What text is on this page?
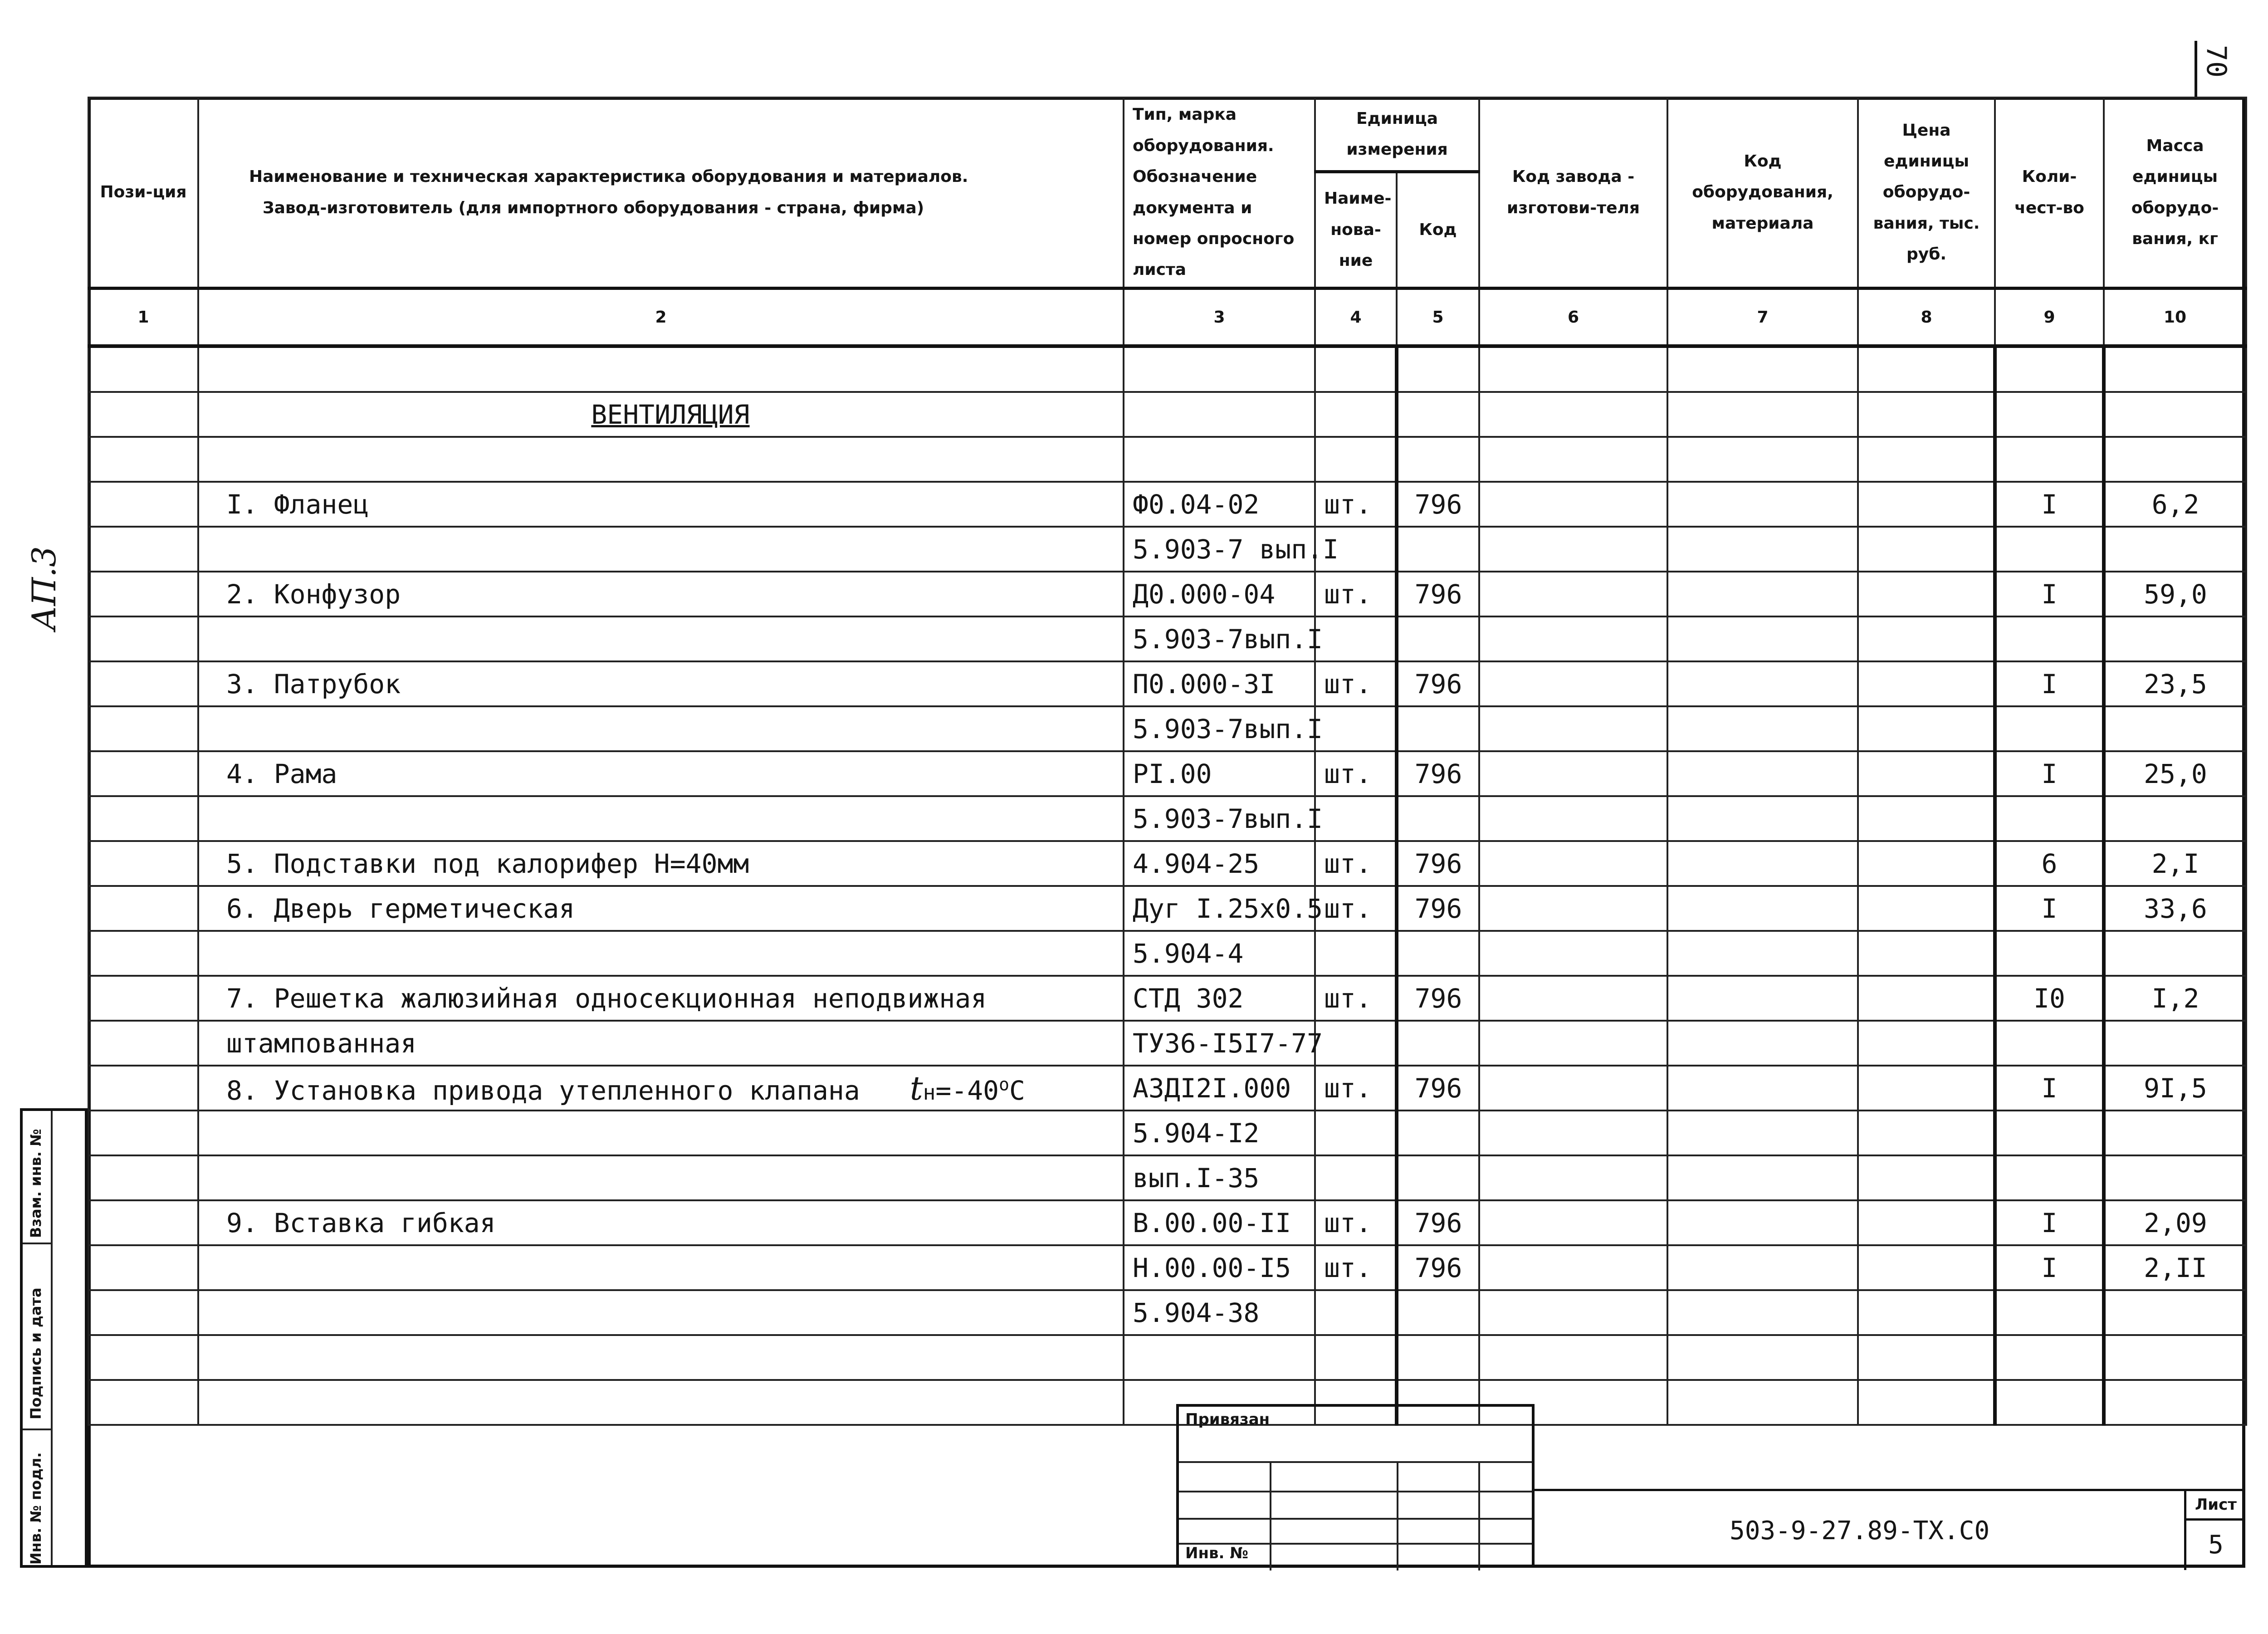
70
АП.3
Пози-ция	Наименование и техническая характеристика оборудования и материалов.
Завод-изготовитель (для импортного оборудования - страна, фирма)	Тип, марка оборудования. Обозначение документа и номер опросного листа	Единица измерения		Код завода - изготови-теля	Код оборудования, материала	Цена единицы оборудо-вания, тыс. руб.	Коли-чест-во	Масса единицы оборудо-вания, кг
			Наиме-нова-ние	Код					
1	2	3	4	5	6	7	8	9	10

	ВЕНТИЛЯЦИЯ								

	I. Фланец	Ф0.04-02	шт.	796				I	6,2
		5.903-7 вып.I							
	2. Конфузор	Д0.000-04	шт.	796				I	59,0
		5.903-7вып.I							
	3. Патрубок	П0.000-3I	шт.	796				I	23,5
		5.903-7вып.I							
	4. Рама	РI.00	шт.	796				I	25,0
		5.903-7вып.I							
	5. Подставки под калорифер Н=40мм	4.904-25	шт.	796				6	2,I
	6. Дверь герметическая	Дуг I.25х0.5	шт.	796				I	33,6
		5.904-4							
	7. Решетка жалюзийная односекционная неподвижная	СТД 302	шт.	796				I0	I,2
	штампованная	ТУ36-I5I7-77							
	8. Установка привода утепленного клапана $tн=-40^оС$	АЗДI2I.000	шт.	796				I	9I,5
		5.904-I2							
		вып.I-35							
	9. Вставка гибкая	В.00.00-II	шт.	796				I	2,09
		Н.00.00-I5	шт.	796				I	2,II
		5.904-38							

Привязан
Инв. №
503-9-27.89-ТХ.С0
Лист
5
Взам. инв. №
Подпись и дата
Инв. № подл.
